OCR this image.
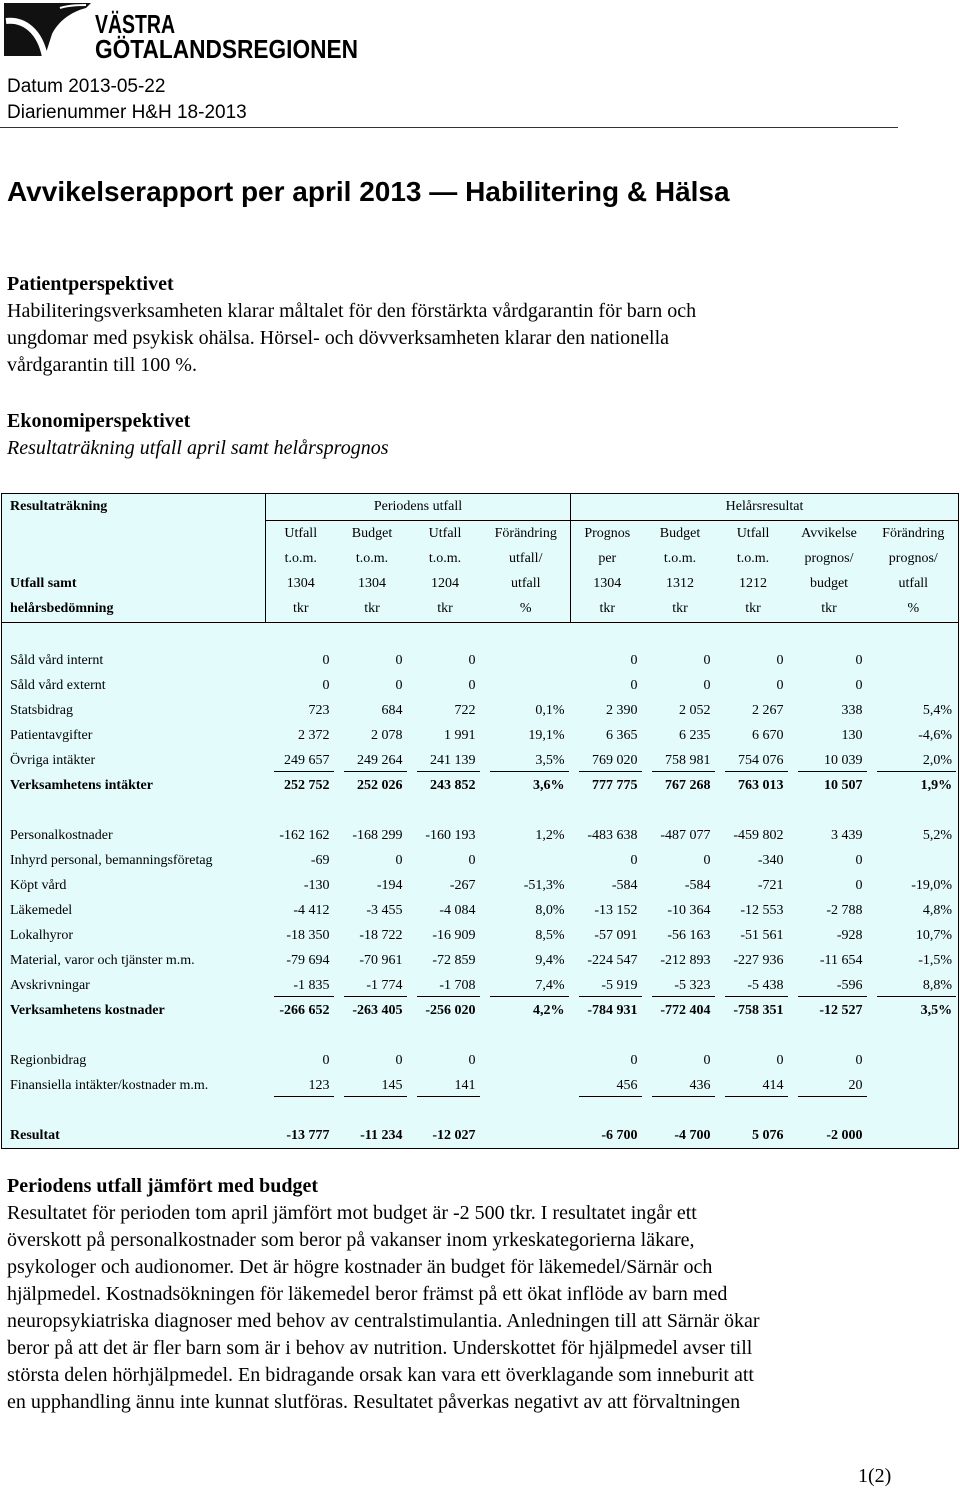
VÄSTRA
GÖTALANDSREGIONEN
Datum 2013-05-22
Diarienummer H&H 18-2013
Avvikelserapport per april 2013 — Habilitering & Hälsa
Patientperspektivet
Habiliteringsverksamheten klarar måltalet för den förstärkta vårdgarantin för barn och
ungdomar med psykisk ohälsa. Hörsel- och dövverksamheten klarar den nationella
vårdgarantin till 100 %.
Ekonomiperspektivet
Resultaträkning utfall april samt helårsprognos
Resultaträkning	Periodens utfall				Helårsresultat				
	Utfall	Budget	Utfall	Förändring	Prognos	Budget	Utfall	Avvikelse	Förändring
	t.o.m.	t.o.m.	t.o.m.	utfall/	per	t.o.m.	t.o.m.	prognos/	prognos/
Utfall samt	1304	1304	1204	utfall	1304	1312	1212	budget	utfall
helårsbedömning	tkr	tkr	tkr	%	tkr	tkr	tkr	tkr	%

Såld vård internt	0	0	0		0	0	0	0	
Såld vård externt	0	0	0		0	0	0	0	
Statsbidrag	723	684	722	0,1%	2 390	2 052	2 267	338	5,4%
Patientavgifter	2 372	2 078	1 991	19,1%	6 365	6 235	6 670	130	-4,6%
Övriga intäkter	249 657	249 264	241 139	3,5%	769 020	758 981	754 076	10 039	2,0%
Verksamhetens intäkter	252 752	252 026	243 852	3,6%	777 775	767 268	763 013	10 507	1,9%

Personalkostnader	-162 162	-168 299	-160 193	1,2%	-483 638	-487 077	-459 802	3 439	5,2%
Inhyrd personal, bemanningsföretag	-69	0	0		0	0	-340	0	
Köpt vård	-130	-194	-267	-51,3%	-584	-584	-721	0	-19,0%
Läkemedel	-4 412	-3 455	-4 084	8,0%	-13 152	-10 364	-12 553	-2 788	4,8%
Lokalhyror	-18 350	-18 722	-16 909	8,5%	-57 091	-56 163	-51 561	-928	10,7%
Material, varor och tjänster m.m.	-79 694	-70 961	-72 859	9,4%	-224 547	-212 893	-227 936	-11 654	-1,5%
Avskrivningar	-1 835	-1 774	-1 708	7,4%	-5 919	-5 323	-5 438	-596	8,8%
Verksamhetens kostnader	-266 652	-263 405	-256 020	4,2%	-784 931	-772 404	-758 351	-12 527	3,5%

Regionbidrag	0	0	0		0	0	0	0	
Finansiella intäkter/kostnader m.m.	123	145	141		456	436	414	20	

Resultat	-13 777	-11 234	-12 027		-6 700	-4 700	5 076	-2 000	
Periodens utfall jämfört med budget
Resultatet för perioden tom april jämfört mot budget är -2 500 tkr. I resultatet ingår ett
överskott på personalkostnader som beror på vakanser inom yrkeskategorierna läkare,
psykologer och audionomer. Det är högre kostnader än budget för läkemedel/Särnär och
hjälpmedel. Kostnadsökningen för läkemedel beror främst på ett ökat inflöde av barn med
neuropsykiatriska diagnoser med behov av centralstimulantia. Anledningen till att Särnär ökar
beror på att det är fler barn som är i behov av nutrition. Underskottet för hjälpmedel avser till
största delen hörhjälpmedel. En bidragande orsak kan vara ett överklagande som inneburit att
en upphandling ännu inte kunnat slutföras. Resultatet påverkas negativt av att förvaltningen
1(2)
